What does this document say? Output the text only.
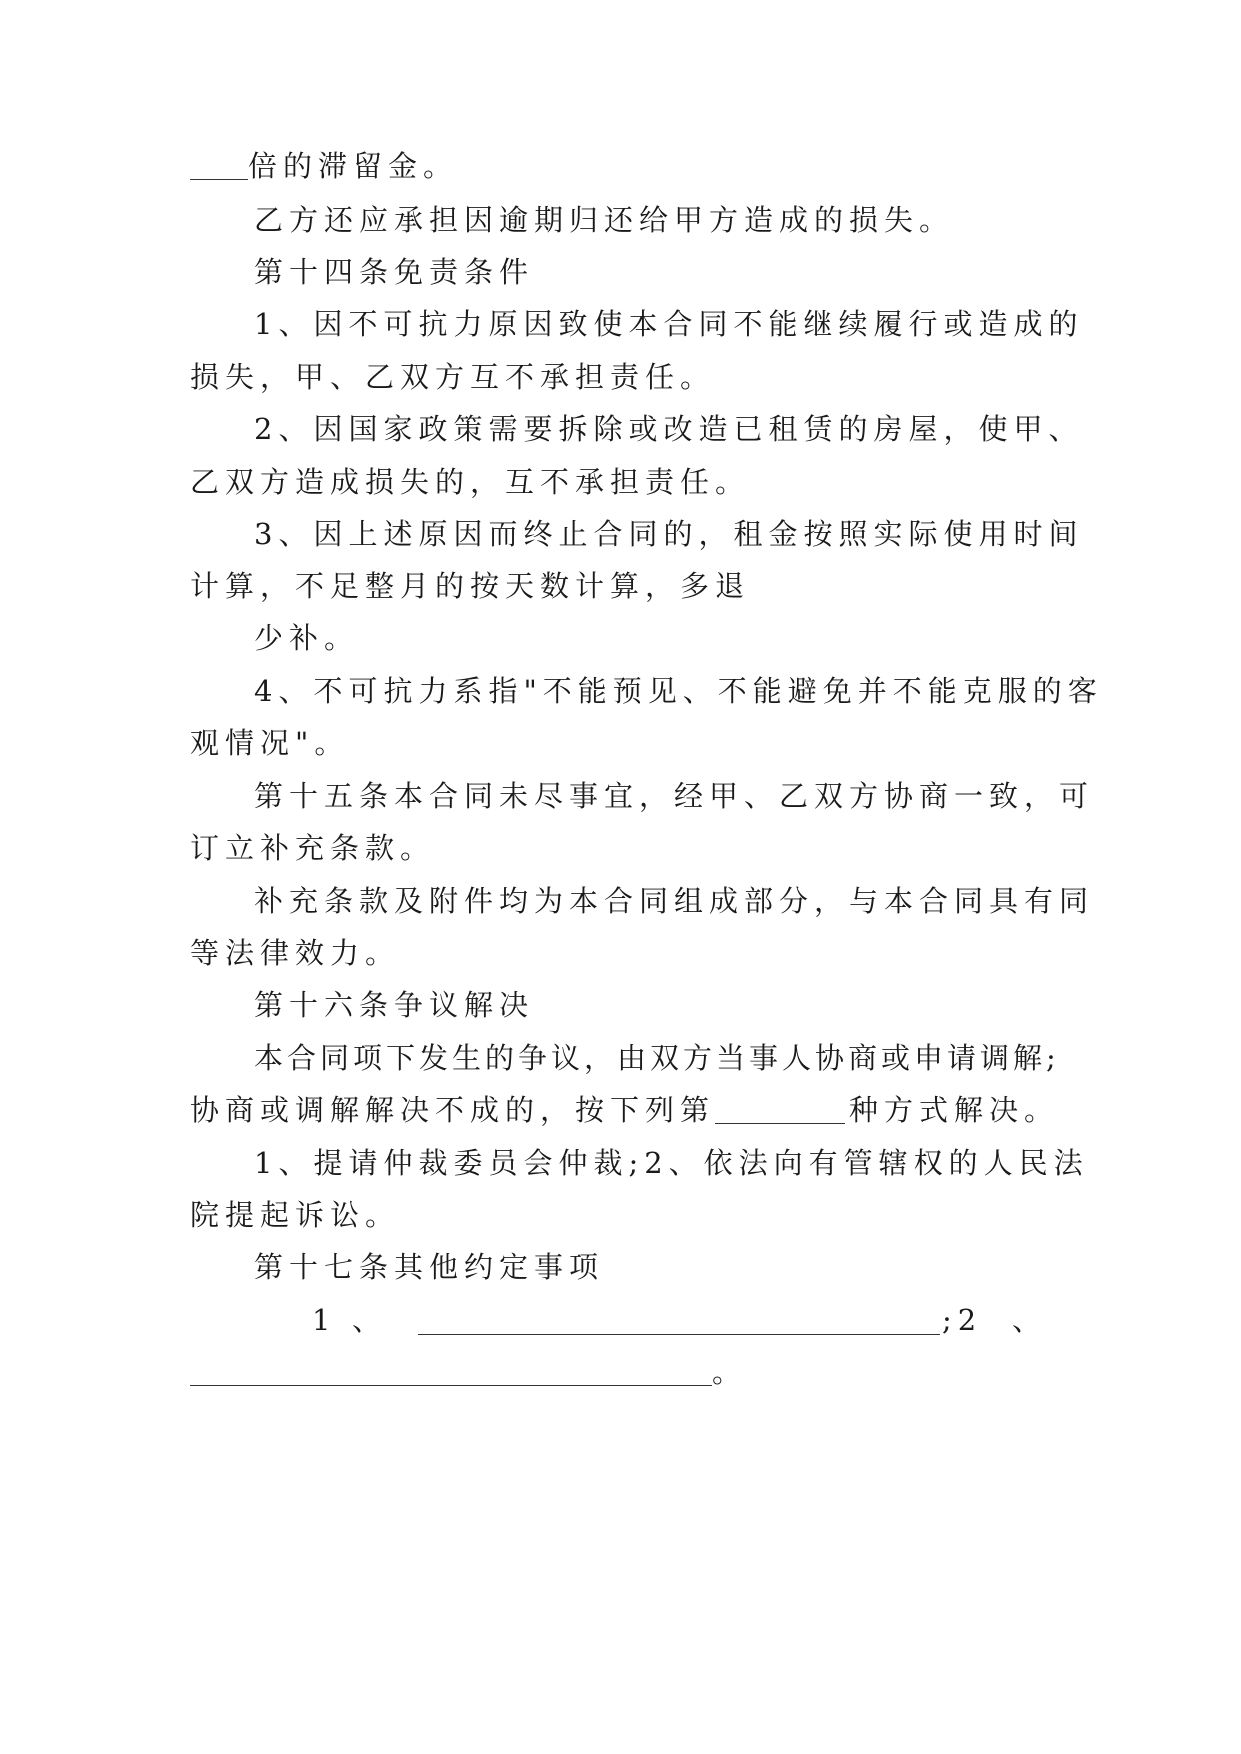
倍的滞留金。
乙方还应承担因逾期归还给甲方造成的损失。
第十四条免责条件
1、因不可抗力原因致使本合同不能继续履行或造成的
损失，甲、乙双方互不承担责任。
2、因国家政策需要拆除或改造已租赁的房屋，使甲、
乙双方造成损失的，互不承担责任。
3、因上述原因而终止合同的，租金按照实际使用时间
计算，不足整月的按天数计算，多退
少补。
4、不可抗力系指"不能预见、不能避免并不能克服的客
观情况"。
第十五条本合同未尽事宜，经甲、乙双方协商一致，可
订立补充条款。
补充条款及附件均为本合同组成部分，与本合同具有同
等法律效力。
第十六条争议解决
本合同项下发生的争议，由双方当事人协商或申请调解;
协商或调解解决不成的，按下列第	种方式解决。
1、提请仲裁委员会仲裁;2、依法向有管辖权的人民法
院提起诉讼。
第十七条其他约定事项
1 、	;2 、
。
